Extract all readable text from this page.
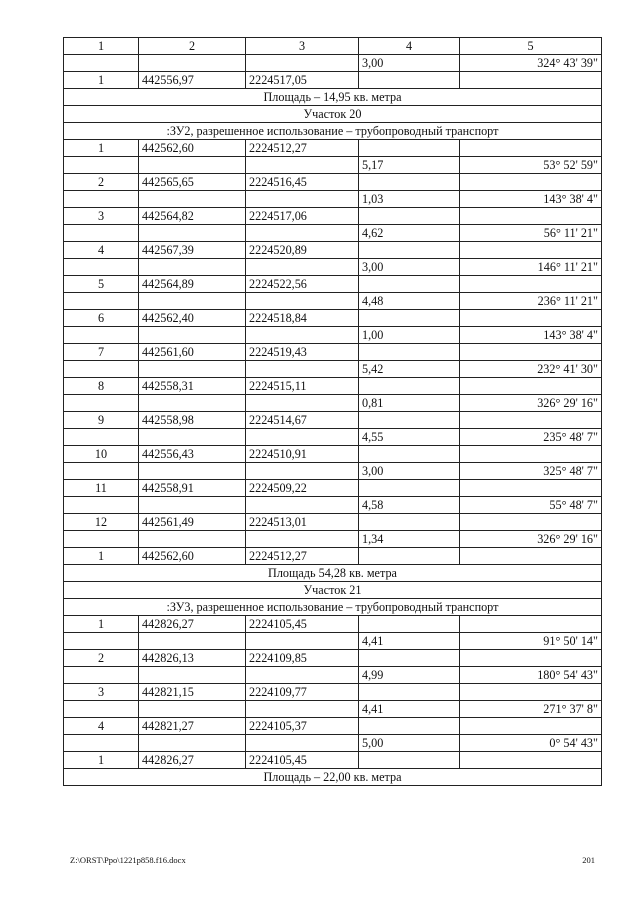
1	2	3	4	5
			3,00	324° 43' 39"
1	442556,97	2224517,05		
Площадь – 14,95 кв. метра				
Участок 20				
:ЗУ2, разрешенное использование – трубопроводный транспорт				
1	442562,60	2224512,27		
			5,17	53° 52' 59"
2	442565,65	2224516,45		
			1,03	143° 38' 4"
3	442564,82	2224517,06		
			4,62	56° 11' 21"
4	442567,39	2224520,89		
			3,00	146° 11' 21"
5	442564,89	2224522,56		
			4,48	236° 11' 21"
6	442562,40	2224518,84		
			1,00	143° 38' 4"
7	442561,60	2224519,43		
			5,42	232° 41' 30"
8	442558,31	2224515,11		
			0,81	326° 29' 16"
9	442558,98	2224514,67		
			4,55	235° 48' 7"
10	442556,43	2224510,91		
			3,00	325° 48' 7"
11	442558,91	2224509,22		
			4,58	55° 48' 7"
12	442561,49	2224513,01		
			1,34	326° 29' 16"
1	442562,60	2224512,27		
Площадь 54,28 кв. метра				
Участок 21				
:ЗУ3, разрешенное использование – трубопроводный транспорт				
1	442826,27	2224105,45		
			4,41	91° 50' 14"
2	442826,13	2224109,85		
			4,99	180° 54' 43"
3	442821,15	2224109,77		
			4,41	271° 37' 8"
4	442821,27	2224105,37		
			5,00	0° 54' 43"
1	442826,27	2224105,45		
Площадь – 22,00 кв. метра				
Z:\ORST\Ppo\1221p858.f16.docx	201
